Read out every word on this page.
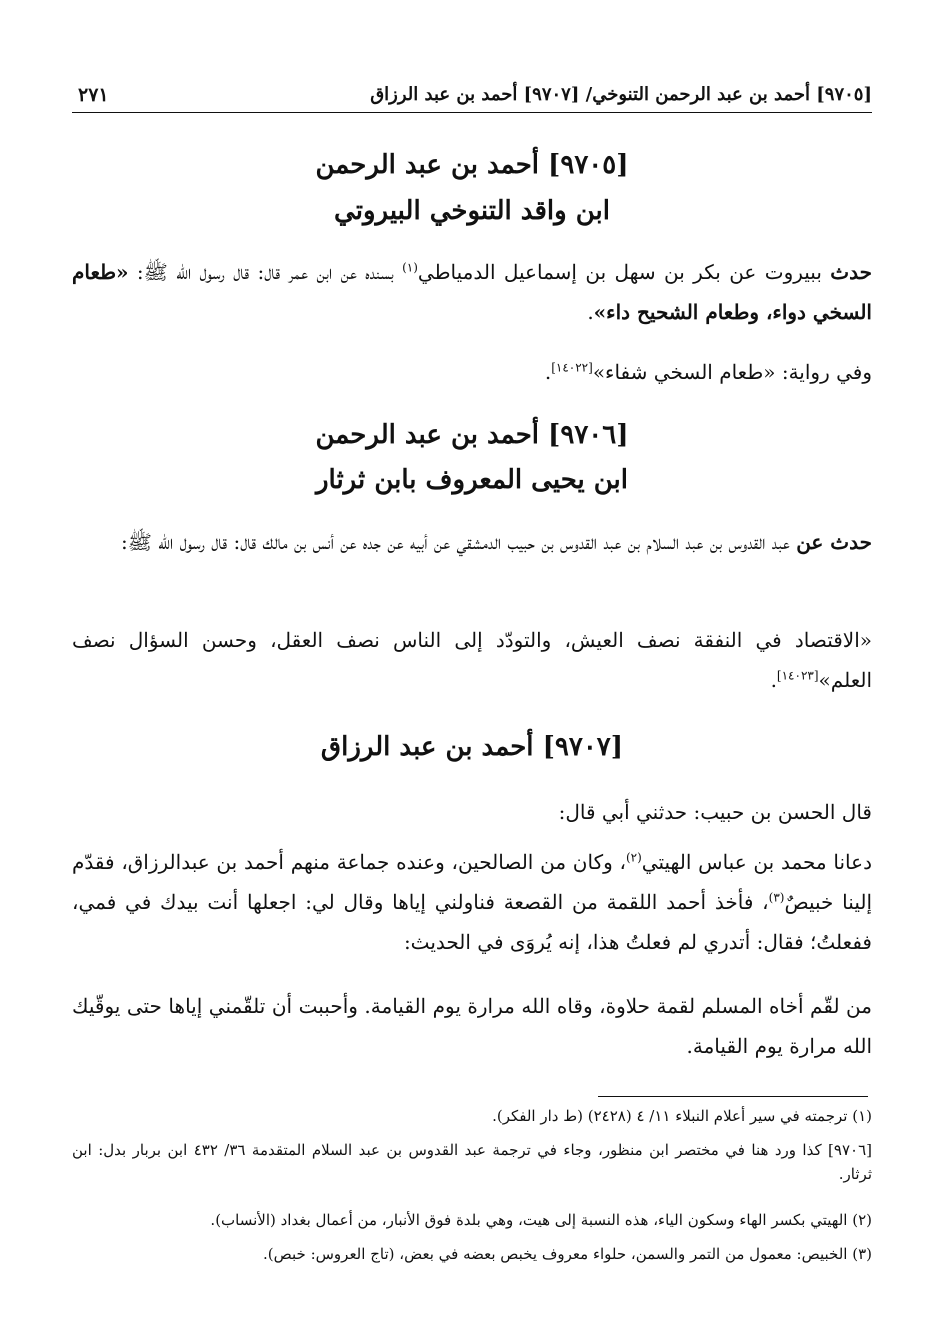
[٩٧٠٥] أحمد بن عبد الرحمن التنوخي/ [٩٧٠٧] أحمد بن عبد الرزاق
٢٧١
[٩٧٠٥] أحمد بن عبد الرحمن
ابن واقد التنوخي البيروتي
حدث ببيروت عن بكر بن سهل بن إسماعيل الدمياطي$^{(١)}$ بسنده عن ابن عمر قال: قال رسول الله ﷺ: «طعام السخي دواء، وطعام الشحيح داء».
وفي رواية: «طعام السخي شفاء»[١٤٠٢٢].
[٩٧٠٦] أحمد بن عبد الرحمن
ابن يحيى المعروف بابن ثرثار
حدث عن عبد القدوس بن عبد السلام بن عبد القدوس بن حبيب الدمشقي عن أبيه عن جده عن أنس بن مالك قال: قال رسول الله ﷺ:
«الاقتصاد في النفقة نصف العيش، والتودّد إلى الناس نصف العقل، وحسن السؤال نصف العلم»[١٤٠٢٣].
[٩٧٠٧] أحمد بن عبد الرزاق
قال الحسن بن حبيب: حدثني أبي قال:
دعانا محمد بن عباس الهيتي$^{(٢)}$، وكان من الصالحين، وعنده جماعة منهم أحمد بن عبدالرزاق، فقدّم إلينا خبيصٌ$^{(٣)}$، فأخذ أحمد اللقمة من القصعة فناولني إياها وقال لي: اجعلها أنت بيدك في فمي، ففعلتُ؛ فقال: أتدري لم فعلتُ هذا، إنه يُروَى في الحديث:
من لقّم أخاه المسلم لقمة حلاوة، وقاه الله مرارة يوم القيامة. وأحببت أن تلقّمني إياها حتى يوقّيك الله مرارة يوم القيامة.
(١) ترجمته في سير أعلام النبلاء ١١/ ٤ (٢٤٢٨) (ط دار الفكر).
[٩٧٠٦] كذا ورد هنا في مختصر ابن منظور، وجاء في ترجمة عبد القدوس بن عبد السلام المتقدمة ٣٦/ ٤٣٢ ابن بربار بدل: ابن ثرثار.
(٢) الهيتي بكسر الهاء وسكون الياء، هذه النسبة إلى هيت، وهي بلدة فوق الأنبار، من أعمال بغداد (الأنساب).
(٣) الخبيص: معمول من التمر والسمن، حلواء معروف يخبص بعضه في بعض، (تاج العروس: خبص).
